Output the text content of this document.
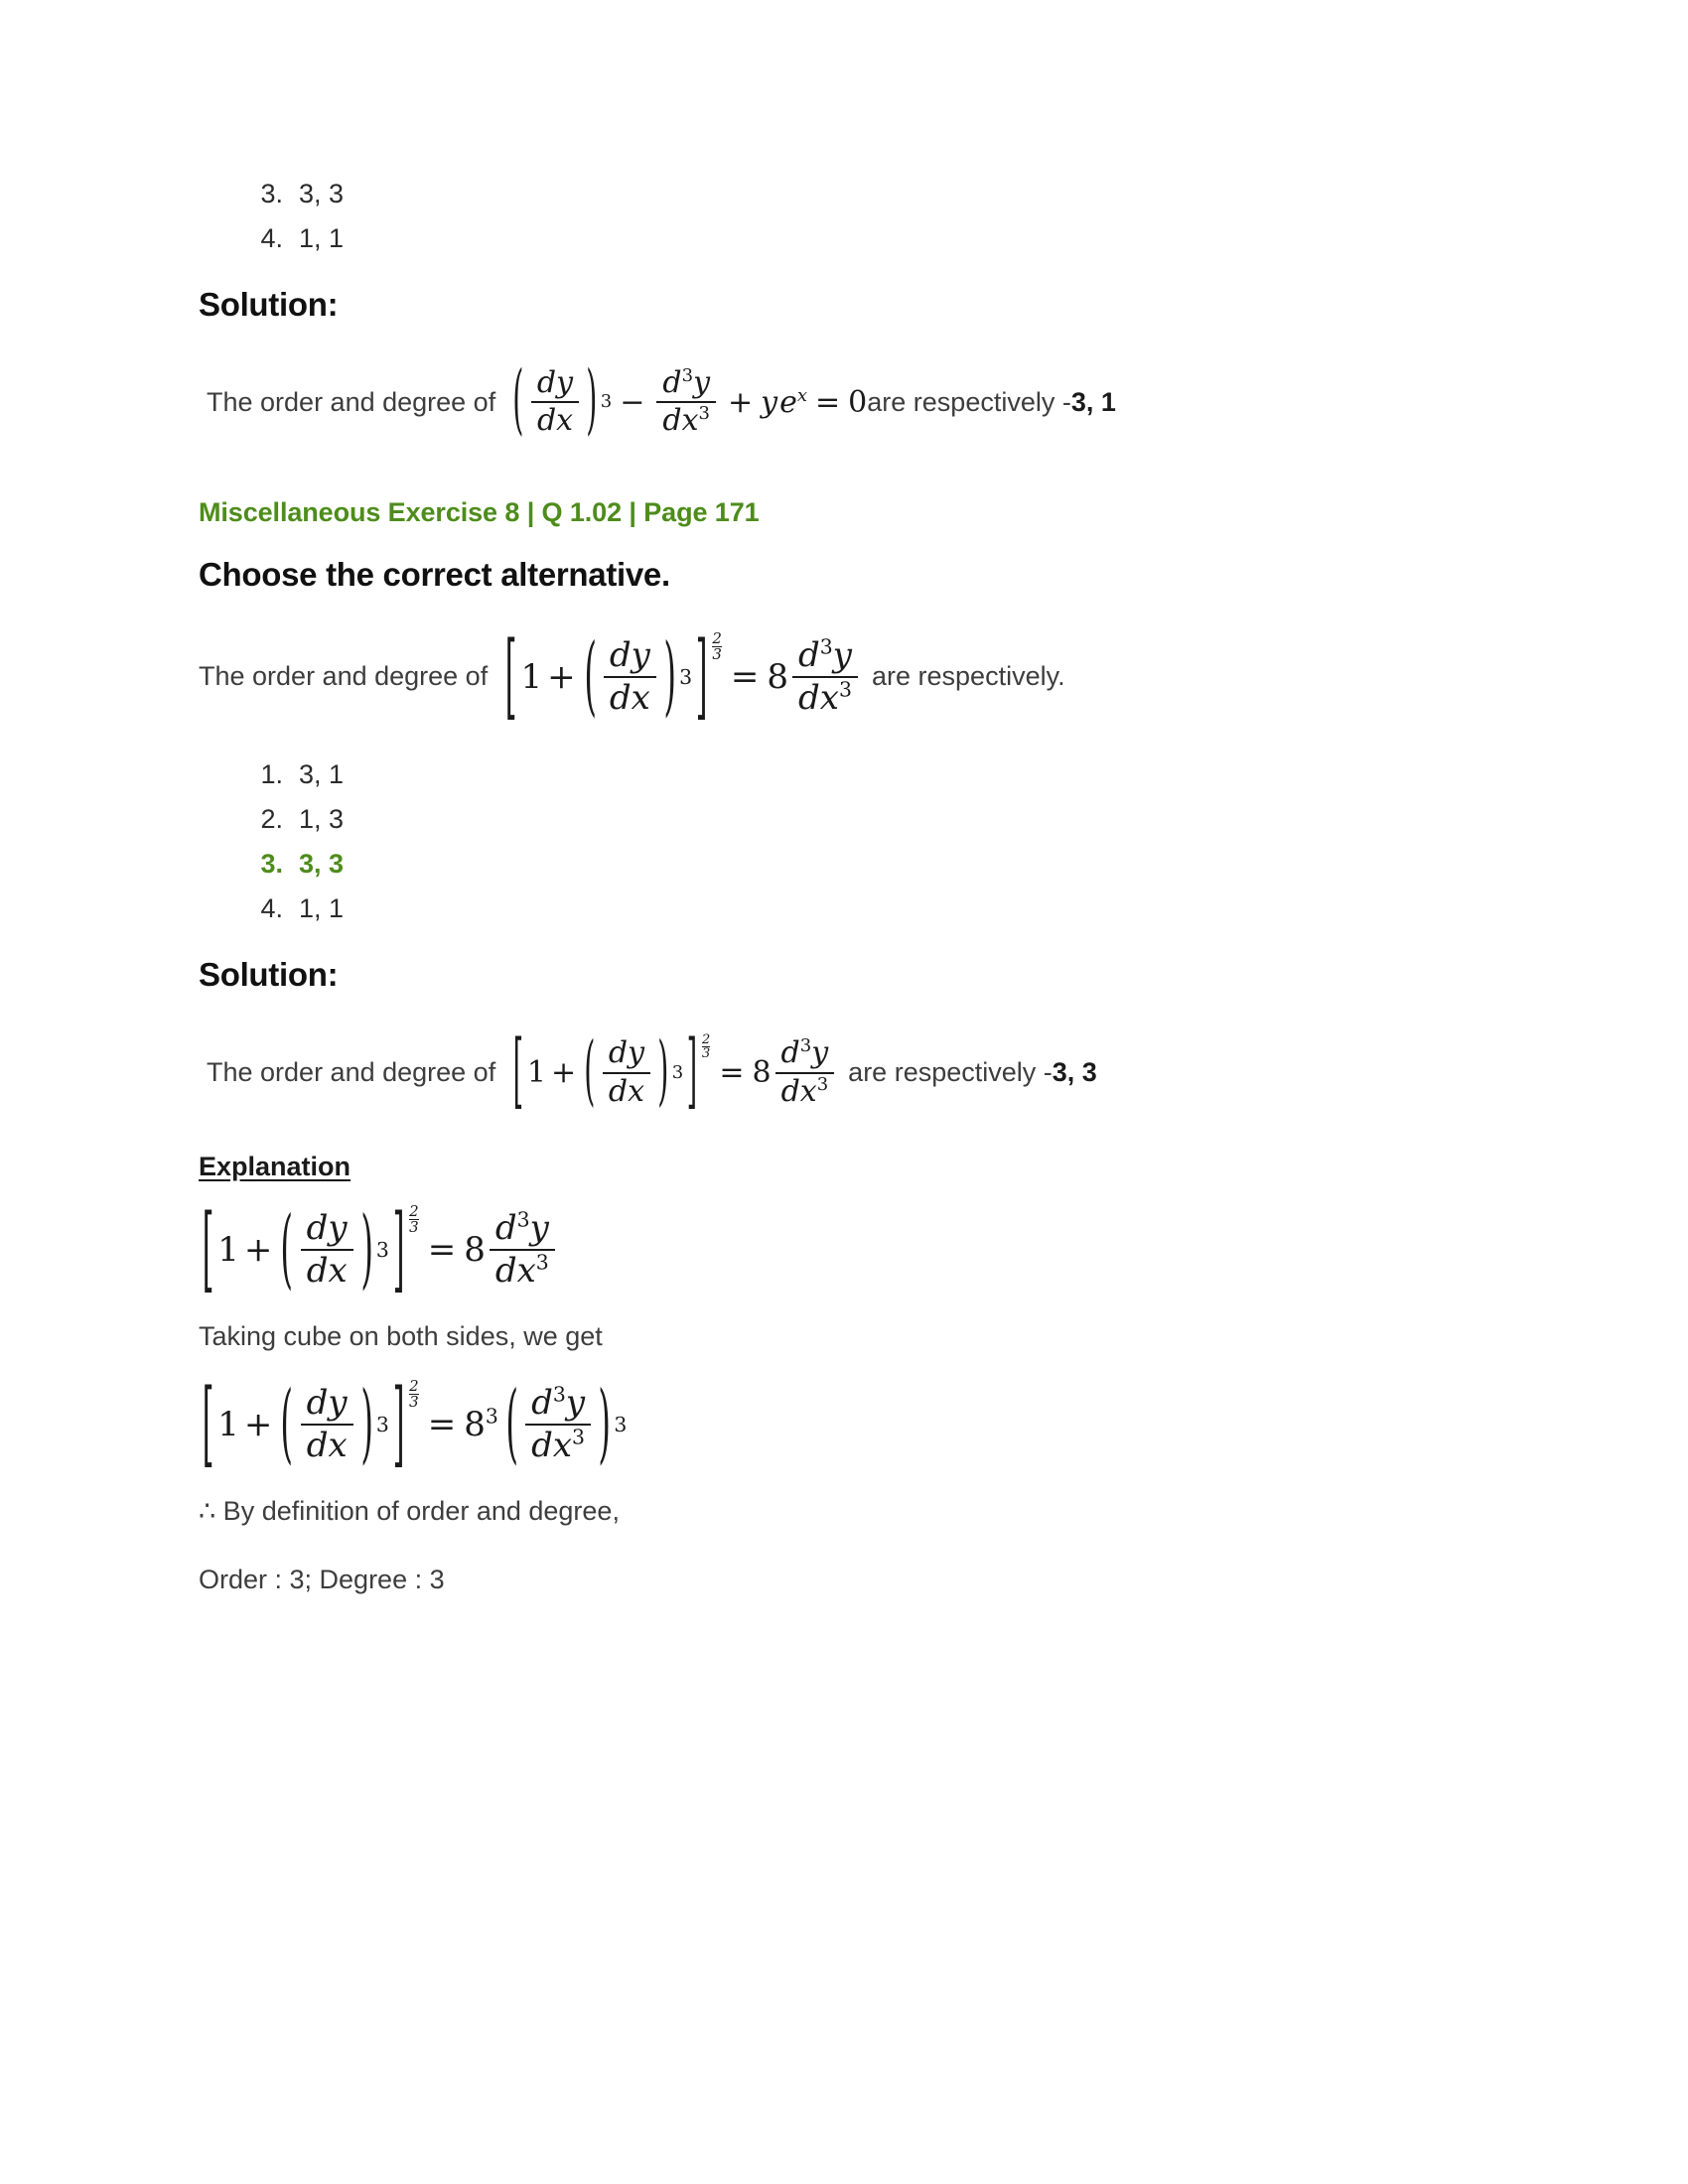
3. 3, 3
4. 1, 1
Solution:
The order and degree of ( $\frac{dy}{dx}$ ) $3 - \frac{d^3y}{dx^3} + y$ $e^x = 0$ are respectively - 3, 1
Miscellaneous Exercise 8 | Q 1.02 | Page 171
Choose the correct alternative.
The order and degree of [ 1 + ( $\frac{dy}{dx}$ ) 3 ] $\frac{2}{3}$
= $8 \frac{d^3y}{dx^3}$ are respectively.
1. 3, 1
2. 1, 3
3. 3, 3
4. 1, 1
Solution:
The order and degree of [ 1 + ( $\frac{dy}{dx}$ ) 3 ] $\frac{2}{3}$
= $8 \frac{d^3y}{dx^3}$ are respectively - 3, 3
Explanation
[ 1 + ( $\frac{dy}{dx}$ ) 3 ] $\frac{2}{3}$
= $8 \frac{d^3y}{dx^3}$
Taking cube on both sides, we get
[ 1 + ( $\frac{dy}{dx}$ ) 3 ] $\frac{2}{3}$
= $8^3$ ( $\frac{d^3y}{dx^3}$ ) 3
∴ By definition of order and degree,
Order : 3; Degree : 3
